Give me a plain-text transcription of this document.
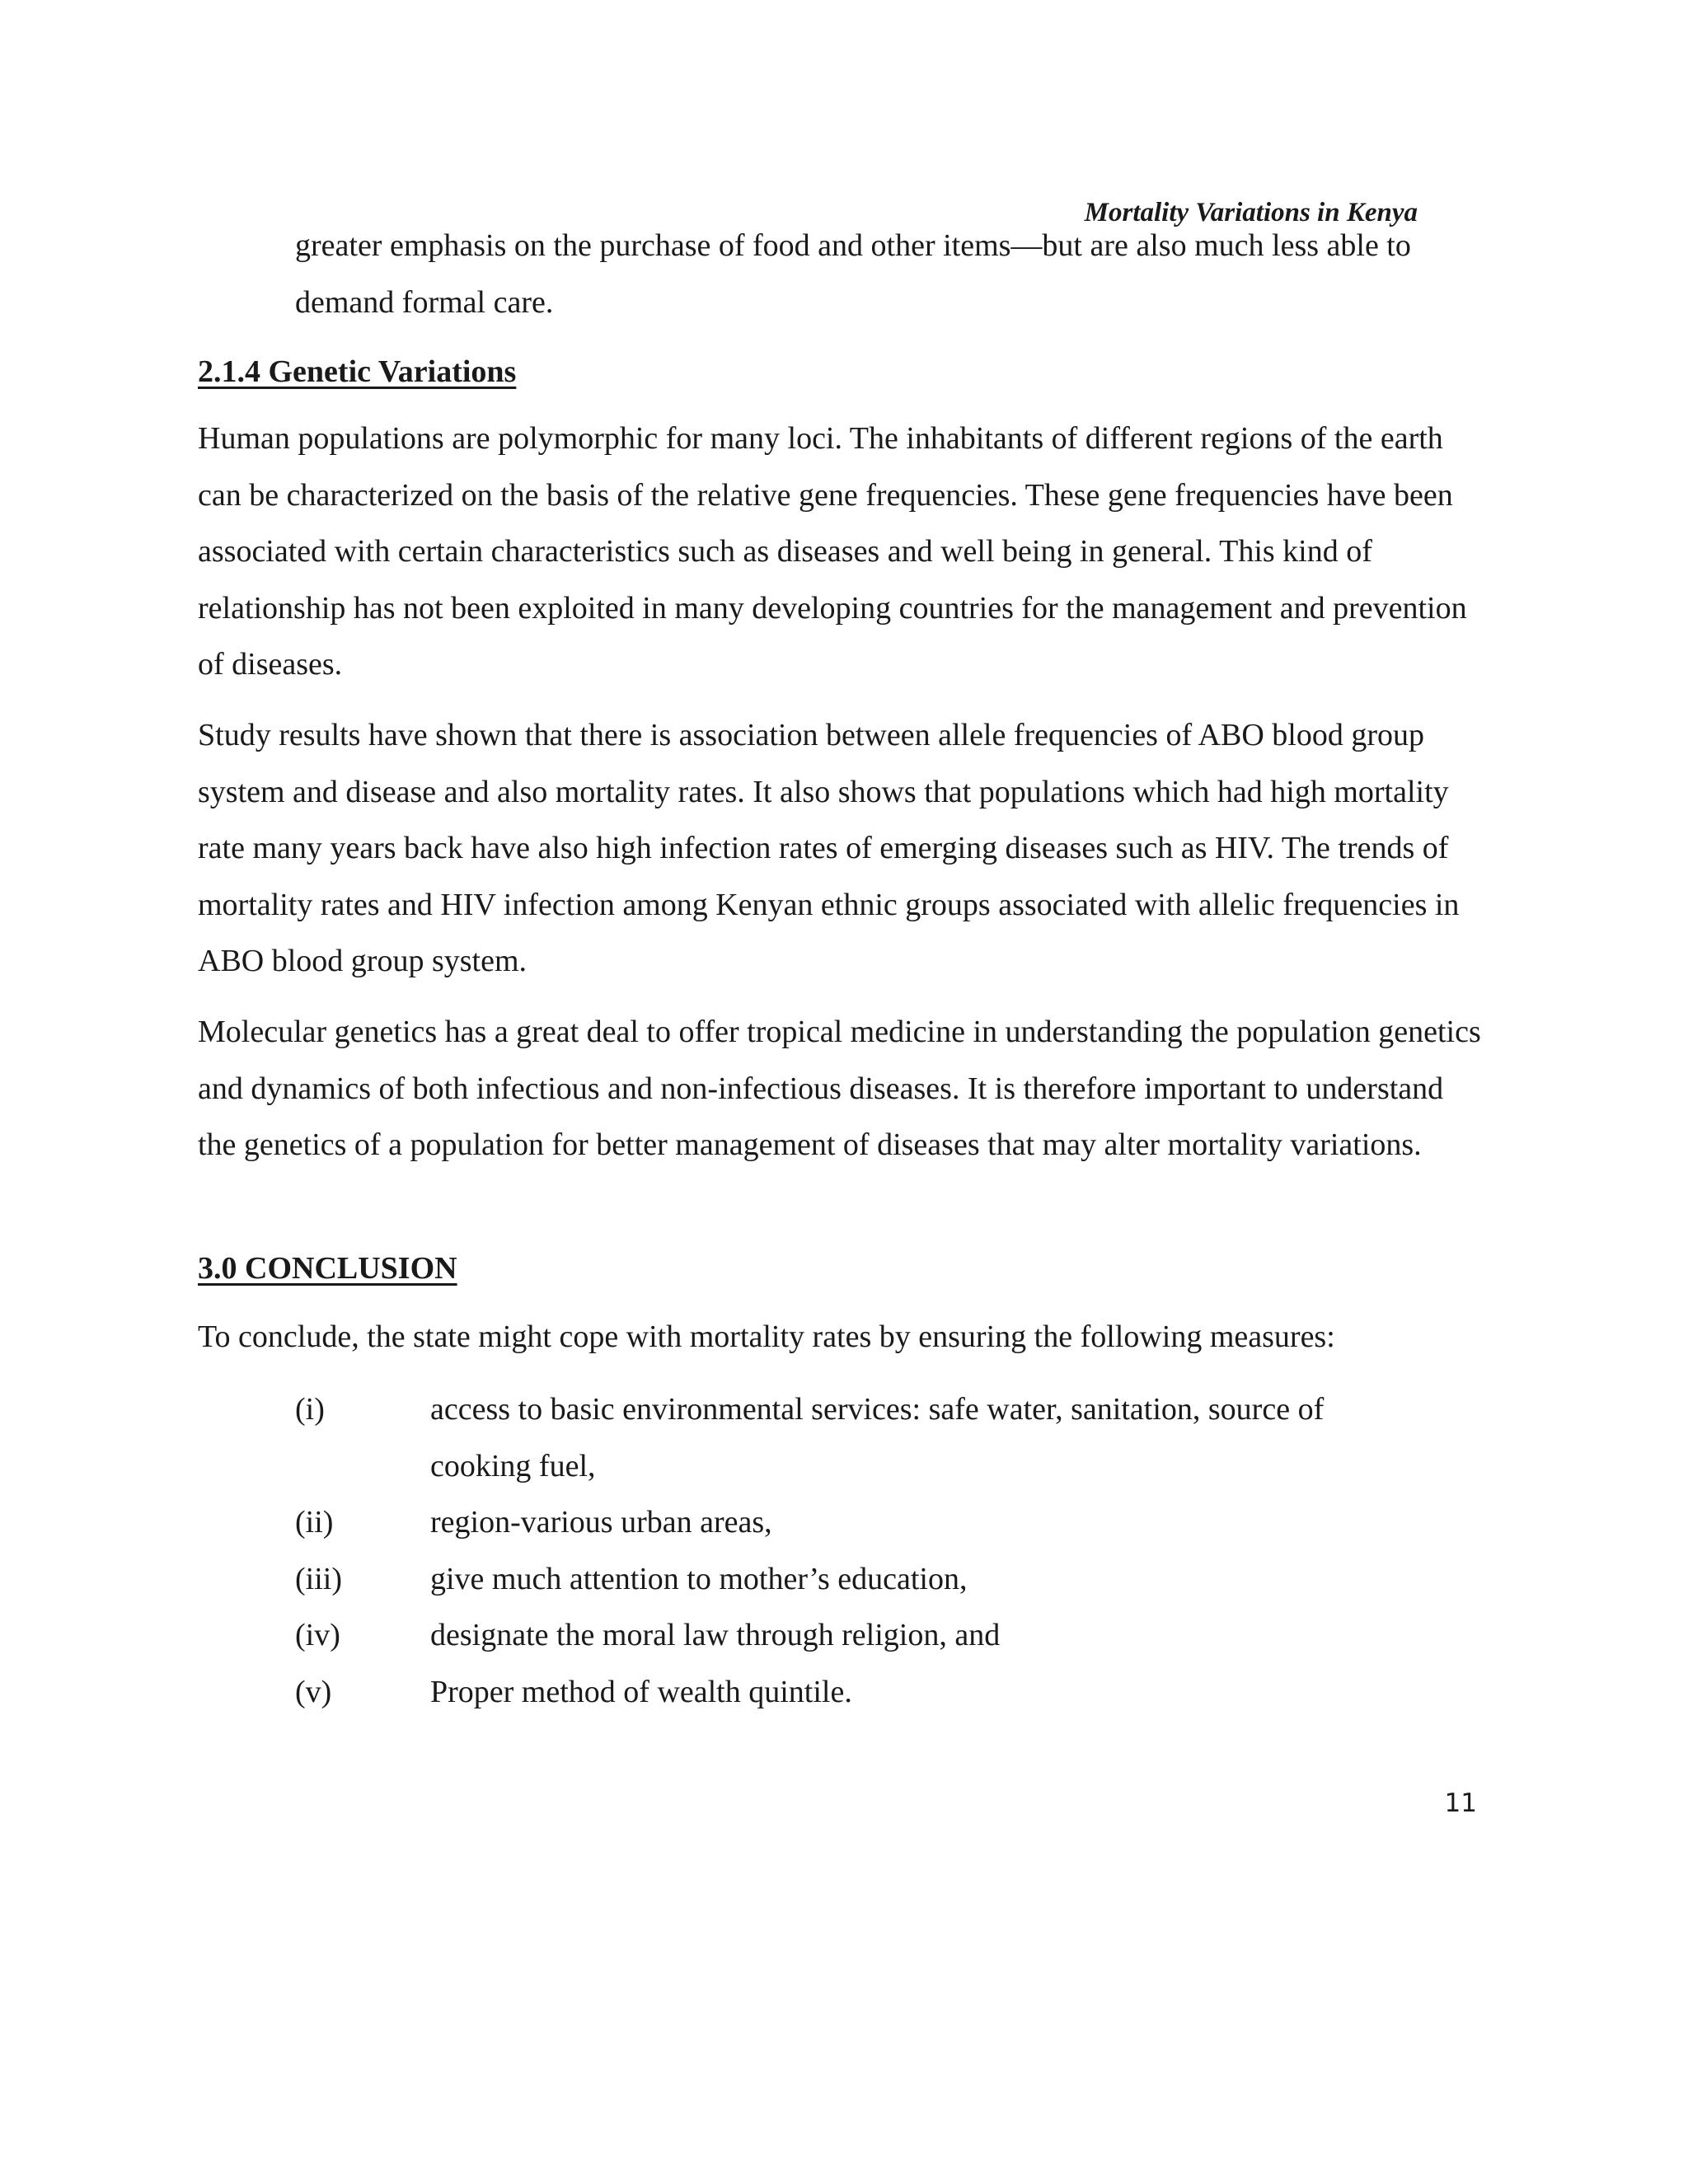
Mortality Variations in Kenya

greater emphasis on the purchase of food and other items—but are also much less able to demand formal care.

2.1.4 Genetic Variations

Human populations are polymorphic for many loci. The inhabitants of different regions of the earth can be characterized on the basis of the relative gene frequencies. These gene frequencies have been associated with certain characteristics such as diseases and well being in general. This kind of relationship has not been exploited in many developing countries for the management and prevention of diseases.

Study results have shown that there is association between allele frequencies of ABO blood group system and disease and also mortality rates. It also shows that populations which had high mortality rate many years back have also high infection rates of emerging diseases such as HIV. The trends of mortality rates and HIV infection among Kenyan ethnic groups associated with allelic frequencies in ABO blood group system.

Molecular genetics has a great deal to offer tropical medicine in understanding the population genetics and dynamics of both infectious and non-infectious diseases. It is therefore important to understand the genetics of a population for better management of diseases that may alter mortality variations.

3.0 CONCLUSION

To conclude, the state might cope with mortality rates by ensuring the following measures:

(i)	access to basic environmental services: safe water, sanitation, source of cooking fuel,
(ii)	region-various urban areas,
(iii)	give much attention to mother’s education,
(iv)	designate the moral law through religion, and
(v)	Proper method of wealth quintile.
11
